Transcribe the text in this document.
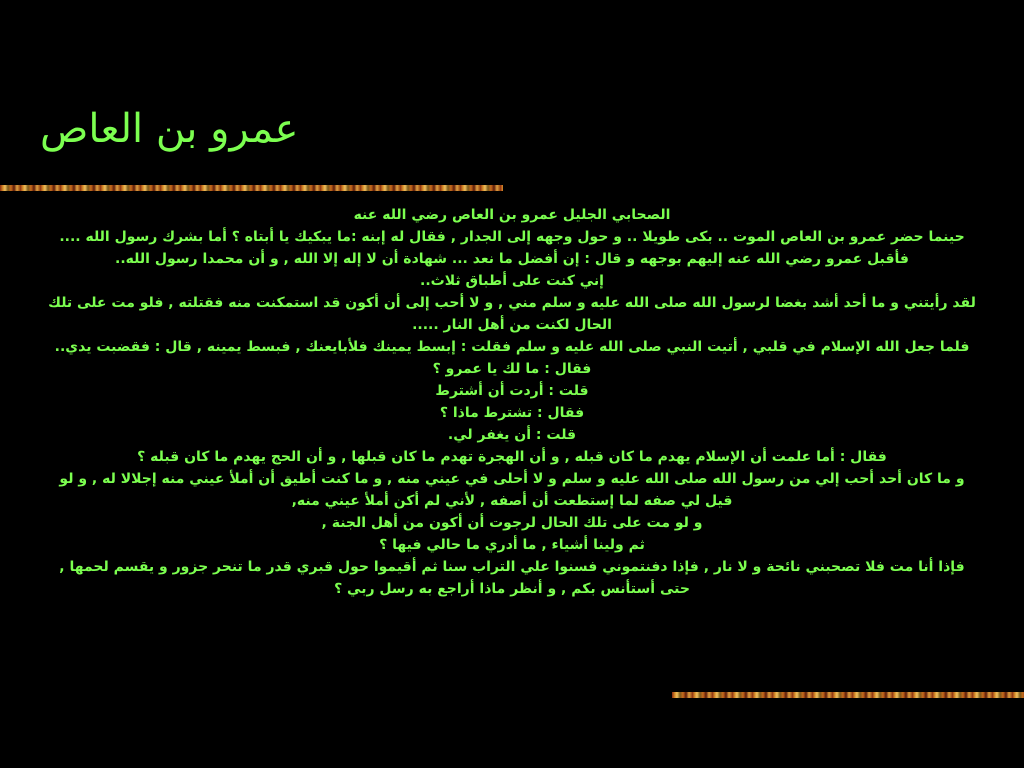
عمرو بن العاص
الصحابي الجليل عمرو بن العاص رضي الله عنه
حينما حضر عمرو بن العاص الموت .. بكى طويلا .. و حول وجهه إلى الجدار , فقال له إبنه :ما يبكيك يا أبتاه ؟ أما بشرك رسول الله ....
فأقبل عمرو رضي الله عنه إليهم بوجهه و قال : إن أفضل ما نعد ... شهادة أن لا إله إلا الله , و أن محمدا رسول الله..
إني كنت على أطباق ثلاث..
لقد رأيتني و ما أحد أشد بغضا لرسول الله صلى الله عليه و سلم مني , و لا أحب إلى أن أكون قد استمكنت منه فقتلته , فلو مت على تلك
الحال لكنت من أهل النار .....
فلما جعل الله الإسلام في قلبي , أتيت النبي صلى الله عليه و سلم فقلت : إبسط يمينك فلأبايعنك , فبسط يمينه , قال : فقضبت يدي..
فقال : ما لك يا عمرو ؟
قلت : أردت أن أشترط
فقال : تشترط ماذا ؟
قلت : أن يغفر لي.
فقال : أما علمت أن الإسلام يهدم ما كان قبله , و أن الهجرة تهدم ما كان قبلها , و أن الحج يهدم ما كان قبله ؟
و ما كان أحد أحب إلي من رسول الله صلى الله عليه و سلم و لا أحلى في عيني منه , و ما كنت أطيق أن أملأ عيني منه إجلالا له , و لو
قيل لي صفه لما إستطعت أن أصفه , لأني لم أكن أملأ عيني منه,
و لو مت على تلك الحال لرجوت أن أكون من أهل الجنة ,
ثم ولينا أشياء , ما أدري ما حالي فيها ؟
فإذا أنا مت فلا تصحبني نائحة و لا نار , فإذا دفنتموني فسنوا علي التراب سنا ثم أقيموا حول قبري قدر ما تنحر جزور و يقسم لحمها ,
حتى أستأنس بكم , و أنظر ماذا أراجع به رسل ربي ؟
